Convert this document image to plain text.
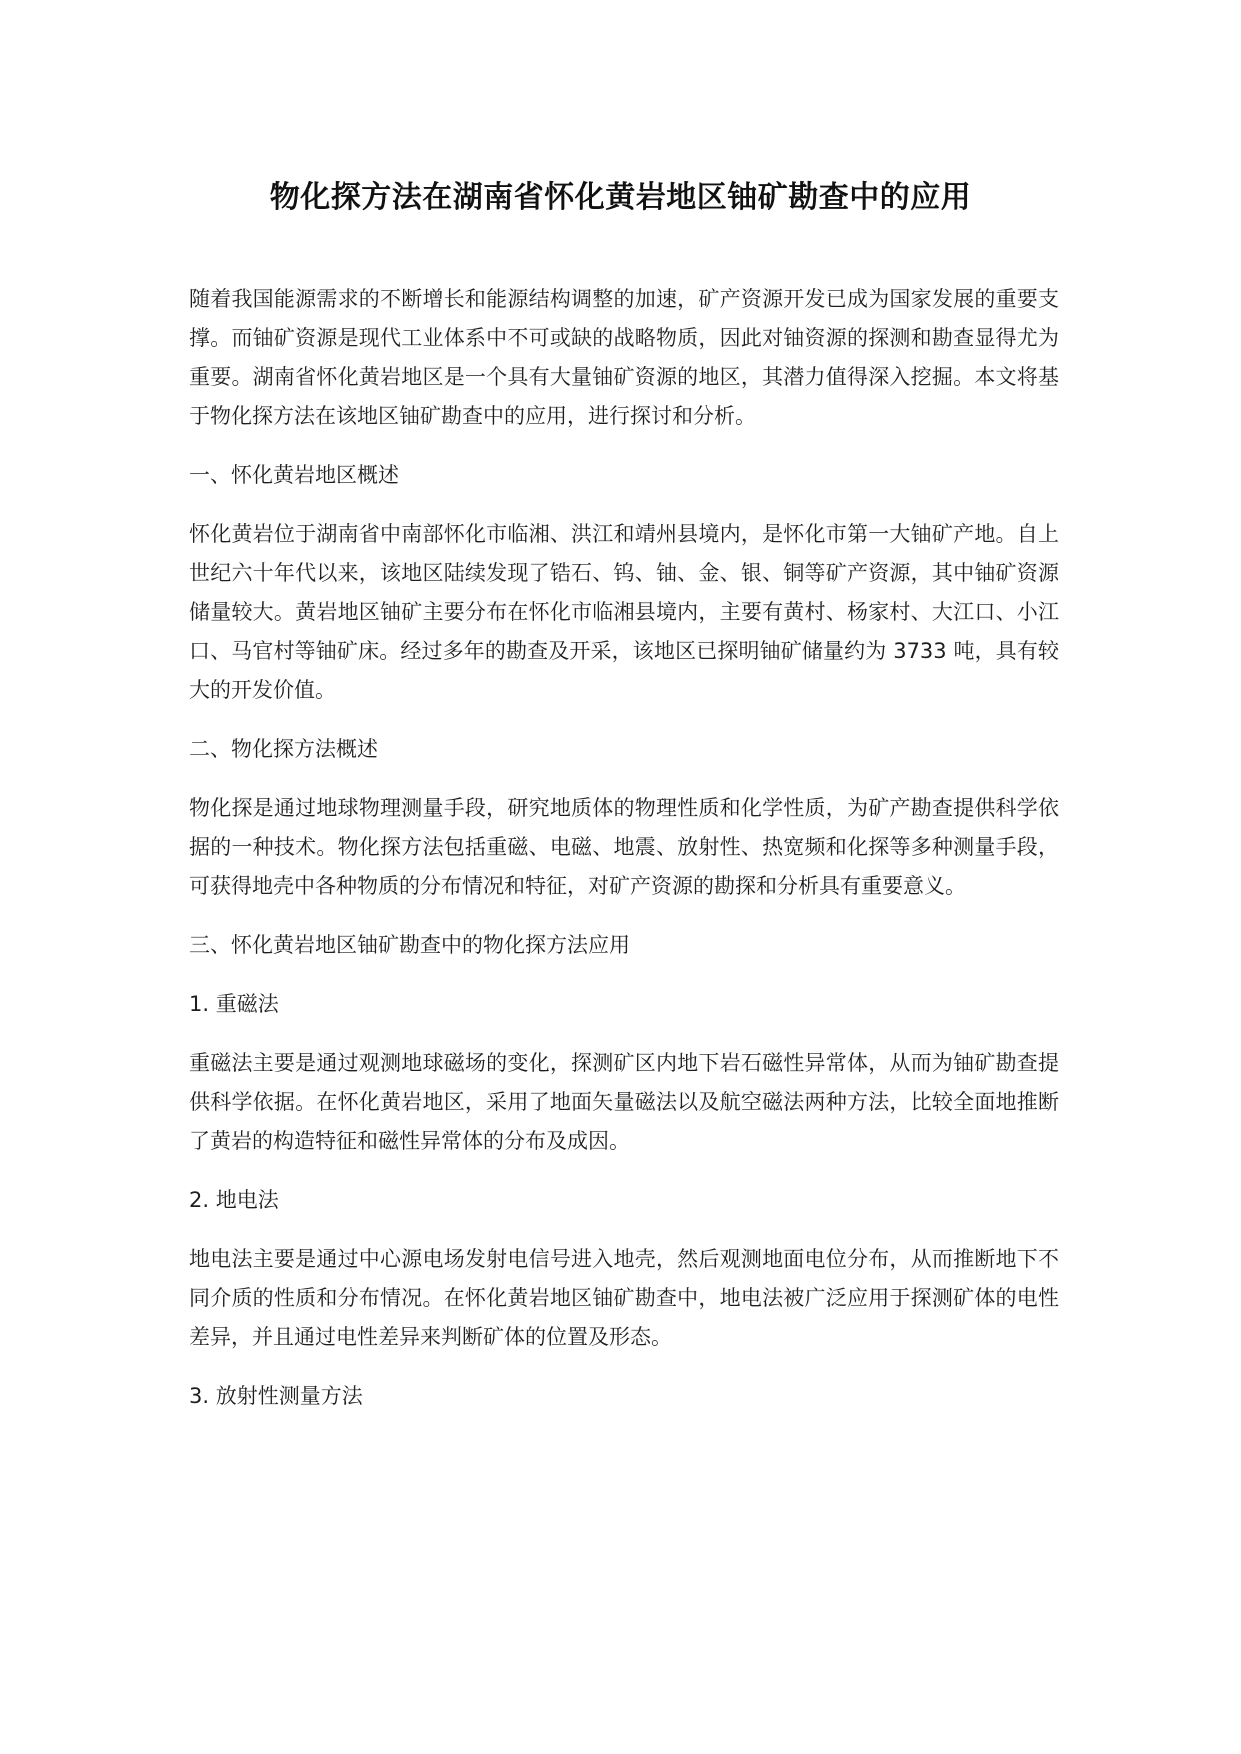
物化探方法在湖南省怀化黄岩地区铀矿勘查中的应用

随着我国能源需求的不断增长和能源结构调整的加速，矿产资源开发已成为国家发展的重要支撑。而铀矿资源是现代工业体系中不可或缺的战略物质，因此对铀资源的探测和勘查显得尤为重要。湖南省怀化黄岩地区是一个具有大量铀矿资源的地区，其潜力值得深入挖掘。本文将基于物化探方法在该地区铀矿勘查中的应用，进行探讨和分析。

一、怀化黄岩地区概述

怀化黄岩位于湖南省中南部怀化市临湘、洪江和靖州县境内，是怀化市第一大铀矿产地。自上世纪六十年代以来，该地区陆续发现了锆石、钨、铀、金、银、铜等矿产资源，其中铀矿资源储量较大。黄岩地区铀矿主要分布在怀化市临湘县境内，主要有黄村、杨家村、大江口、小江口、马官村等铀矿床。经过多年的勘查及开采，该地区已探明铀矿储量约为 3733 吨，具有较大的开发价值。

二、物化探方法概述

物化探是通过地球物理测量手段，研究地质体的物理性质和化学性质，为矿产勘查提供科学依据的一种技术。物化探方法包括重磁、电磁、地震、放射性、热宽频和化探等多种测量手段，可获得地壳中各种物质的分布情况和特征，对矿产资源的勘探和分析具有重要意义。

三、怀化黄岩地区铀矿勘查中的物化探方法应用

1. 重磁法

重磁法主要是通过观测地球磁场的变化，探测矿区内地下岩石磁性异常体，从而为铀矿勘查提供科学依据。在怀化黄岩地区，采用了地面矢量磁法以及航空磁法两种方法，比较全面地推断了黄岩的构造特征和磁性异常体的分布及成因。

2. 地电法

地电法主要是通过中心源电场发射电信号进入地壳，然后观测地面电位分布，从而推断地下不同介质的性质和分布情况。在怀化黄岩地区铀矿勘查中，地电法被广泛应用于探测矿体的电性差异，并且通过电性差异来判断矿体的位置及形态。

3. 放射性测量方法
